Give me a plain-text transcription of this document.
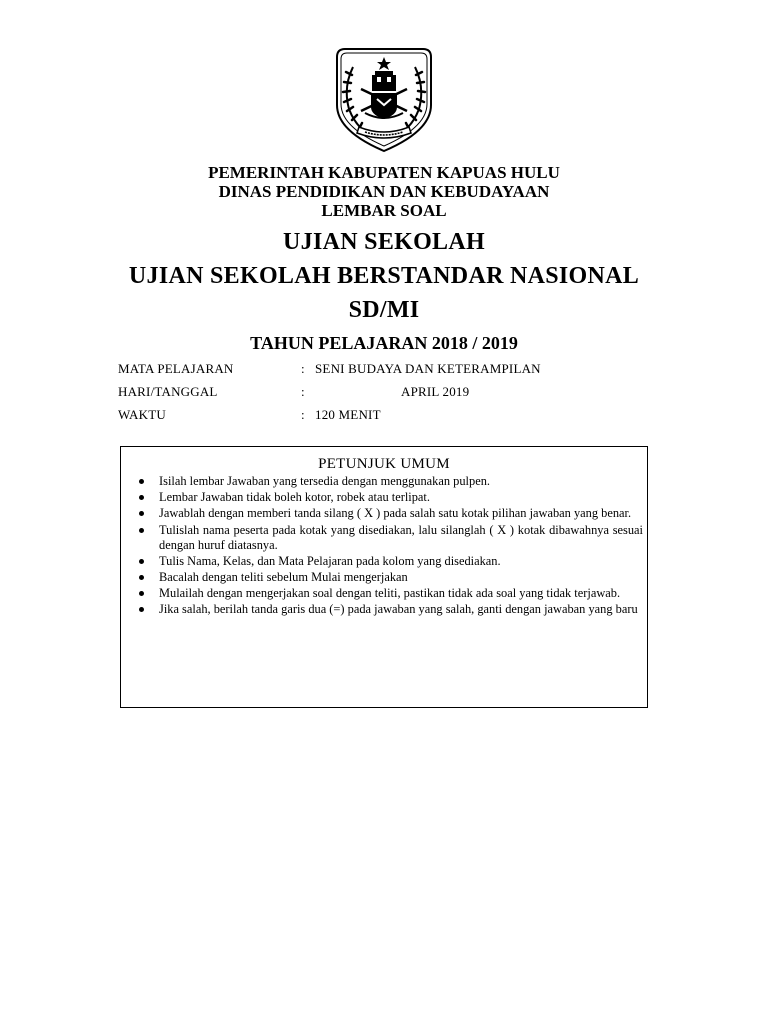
PEMERINTAH KABUPATEN KAPUAS HULU
DINAS PENDIDIKAN DAN KEBUDAYAAN
LEMBAR SOAL
UJIAN SEKOLAH
UJIAN SEKOLAH BERSTANDAR NASIONAL
SD/MI
TAHUN PELAJARAN 2018 / 2019
MATA PELAJARAN	: SENI BUDAYA DAN KETERAMPILAN
HARI/TANGGAL	:	APRIL 2019
WAKTU	: 120 MENIT
PETUNJUK UMUM
Isilah lembar Jawaban yang tersedia dengan menggunakan pulpen.
Lembar Jawaban tidak boleh kotor, robek atau terlipat.
Jawablah dengan memberi tanda silang ( X ) pada salah satu kotak pilihan jawaban yang benar.
Tulislah nama peserta pada kotak yang disediakan, lalu silanglah ( X ) kotak dibawahnya sesuai dengan huruf diatasnya.
Tulis Nama, Kelas, dan Mata Pelajaran pada kolom yang disediakan.
Bacalah dengan teliti sebelum Mulai mengerjakan
Mulailah dengan mengerjakan soal dengan teliti, pastikan tidak ada soal yang tidak terjawab.
Jika salah, berilah tanda garis dua (=) pada jawaban yang salah, ganti dengan jawaban yang baru
